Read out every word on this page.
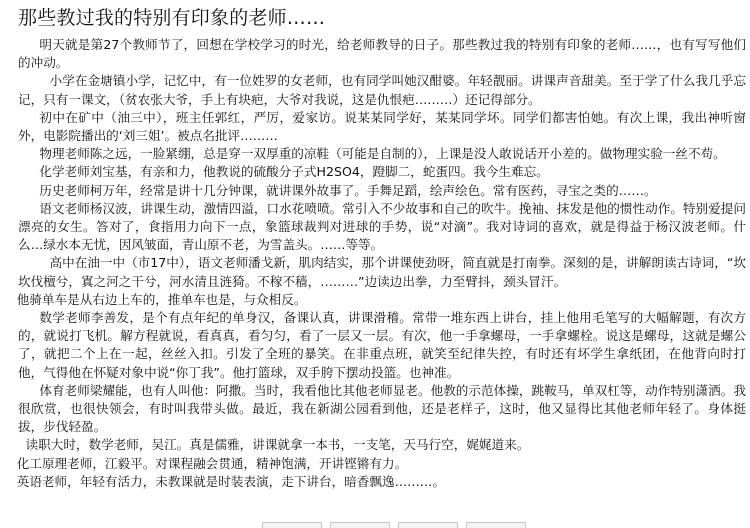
那些教过我的特别有印象的老师……

明天就是第27个教师节了，回想在学校学习的时光，给老师教导的日子。那些教过我的特别有印象的老师……，也有写写他们的冲动。

小学在金塘镇小学，记忆中，有一位姓罗的女老师，也有同学叫她汉酣婆。年轻靓丽。讲课声音甜美。至于学了什么我几乎忘记，只有一课文，（贫农张大爷，手上有块疤，大爷对我说，这是仇恨疤………）还记得部分。

初中在矿中（油三中），班主任郭红，严厉，爱家访。说某某同学好，某某同学坏。同学们都害怕她。有次上课，我出神听窗外，电影院播出的‘刘三姐’。被点名批评………

物理老师陈之远，一脸紧绷，总是穿一双厚重的凉鞋（可能是自制的），上课是没人敢说话开小差的。做物理实验一丝不苟。

化学老师刘宝基，有亲和力，他教说的硫酸分子式H2SO4，蹬脚二，蛇蛋四。我今生难忘。

历史老师柯万年，经常是讲十几分钟课，就讲课外故事了。手舞足蹈，绘声绘色。常有医药，寻宝之类的……。

语文老师杨汉波，讲课生动，激情四溢，口水花喷喷。常引入不少故事和自己的吹牛。挽袖、抹发是他的惯性动作。特别爱提问漂亮的女生。答对了，食指用力向下一点，象篮球裁判对进球的手势，说“对滴”。我对诗词的喜欢，就是得益于杨汉波老师。什么…绿水本无忧，因风皱面，青山原不老，为雪盖头。……等等。

高中在油一中（市17中），语文老师潘戈新，肌肉结实，那个讲课使劲呀，简直就是打南拳。深刻的是，讲解朗读古诗词，“坎坎伐檀兮，寘之河之干兮，河水清且涟猗。不稼不穑，………”边读边出拳，力至臂抖，颈头冒汗。

他骑单车是从右边上车的，推单车也是，与众相反。

数学老师李善发，是个有点年纪的单身汉，备课认真，讲课滑稽。常带一堆东西上讲台，挂上他用毛笔写的大幅解题，有次方的，就说打飞机。解方程就说，看真真，看匀匀，看了一层又一层。有次，他一手拿螺母，一手拿螺栓。说这是螺母，这就是螺公了，就把二个上在一起，丝丝入扣。引发了全班的暴笑。在非重点班，就笑至纪律失控，有时还有坏学生拿纸团，在他背向时打他，气得他在怀疑对象中说“你丁我”。他打篮球，双手胯下摆动投篮。也神准。

体育老师梁耀能，也有人叫他：阿撒。当时，我看他比其他老师显老。他教的示范体操，跳鞍马，单双杠等，动作特别潇洒。我很欣赏，也很快领会，有时叫我带头做。最近，我在新湖公园看到他，还是老样子，这时，他又显得比其他老师年轻了。身体挺拔，步伐轻盈。

读职大时，数学老师，吴江。真是儒雅，讲课就拿一本书，一支笔，天马行空，娓娓道来。

化工原理老师，江毅平。对课程融会贯通，精神饱满，开讲铿锵有力。

英语老师，年轻有活力，未教课就是时装表演，走下讲台，暗香飘逸………。
